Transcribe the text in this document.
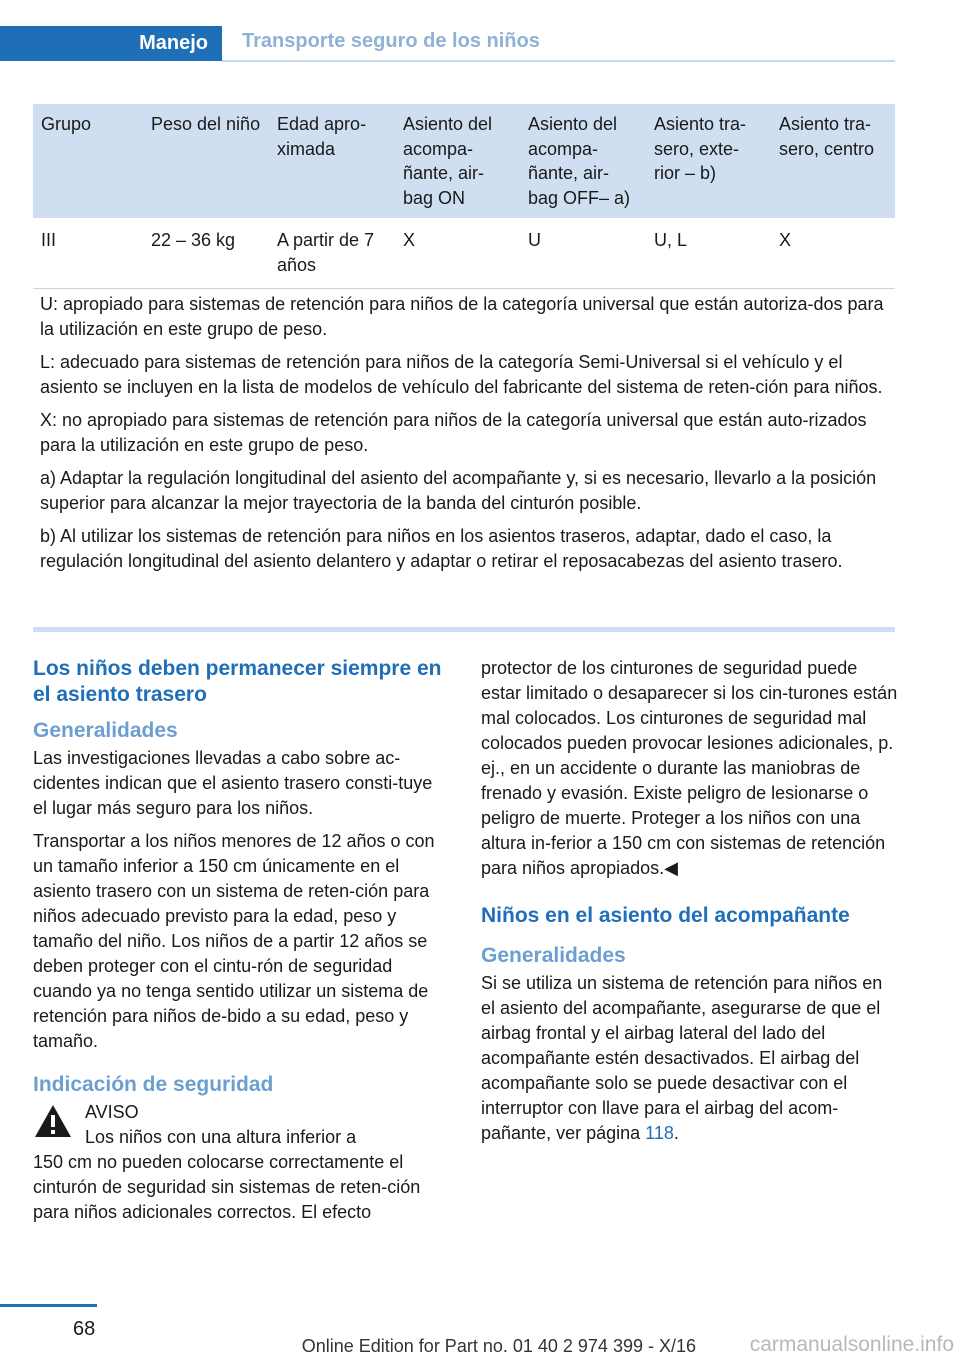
Manejo	Transporte seguro de los niños
Grupo	Peso del niño	Edad apro-ximada	Asiento del acompa-ñante, air-bag ON	Asiento del acompa-ñante, air-bag OFF– a)	Asiento tra-sero, exte-rior – b)	Asiento tra-sero, centro
III	22 – 36 kg	A partir de 7 años	X	U	U, L	X

U: apropiado para sistemas de retención para niños de la categoría universal que están autoriza-dos para la utilización en este grupo de peso.

L: adecuado para sistemas de retención para niños de la categoría Semi-Universal si el vehículo y el asiento se incluyen en la lista de modelos de vehículo del fabricante del sistema de reten-ción para niños.

X: no apropiado para sistemas de retención para niños de la categoría universal que están auto-rizados para la utilización en este grupo de peso.

a) Adaptar la regulación longitudinal del asiento del acompañante y, si es necesario, llevarlo a la posición superior para alcanzar la mejor trayectoria de la banda del cinturón posible.

b) Al utilizar los sistemas de retención para niños en los asientos traseros, adaptar, dado el caso, la regulación longitudinal del asiento delantero y adaptar o retirar el reposacabezas del asiento trasero.

Los niños deben permanecer siempre en el asiento trasero
Generalidades

Las investigaciones llevadas a cabo sobre ac-cidentes indican que el asiento trasero consti-tuye el lugar más seguro para los niños.

Transportar a los niños menores de 12 años o con un tamaño inferior a 150 cm únicamente en el asiento trasero con un sistema de reten-ción para niños adecuado previsto para la edad, peso y tamaño del niño. Los niños de a partir 12 años se deben proteger con el cintu-rón de seguridad cuando ya no tenga sentido utilizar un sistema de retención para niños de-bido a su edad, peso y tamaño.

Indicación de seguridad
AVISO
Los niños con una altura inferior a
150 cm no pueden colocarse correctamente el cinturón de seguridad sin sistemas de reten-ción para niños adicionales correctos. El efecto

protector de los cinturones de seguridad puede estar limitado o desaparecer si los cin-turones están mal colocados. Los cinturones de seguridad mal colocados pueden provocar lesiones adicionales, p. ej., en un accidente o durante las maniobras de frenado y evasión. Existe peligro de lesionarse o peligro de muerte. Proteger a los niños con una altura in-ferior a 150 cm con sistemas de retención para niños apropiados.◀

Niños en el asiento del acompañante
Generalidades

Si se utiliza un sistema de retención para niños en el asiento del acompañante, asegurarse de que el airbag frontal y el airbag lateral del lado del acompañante estén desactivados. El airbag del acompañante solo se puede desactivar con el interruptor con llave para el airbag del acom-pañante, ver página 118.

68
Online Edition for Part no. 01 40 2 974 399 - X/16	carmanualsonline.info
